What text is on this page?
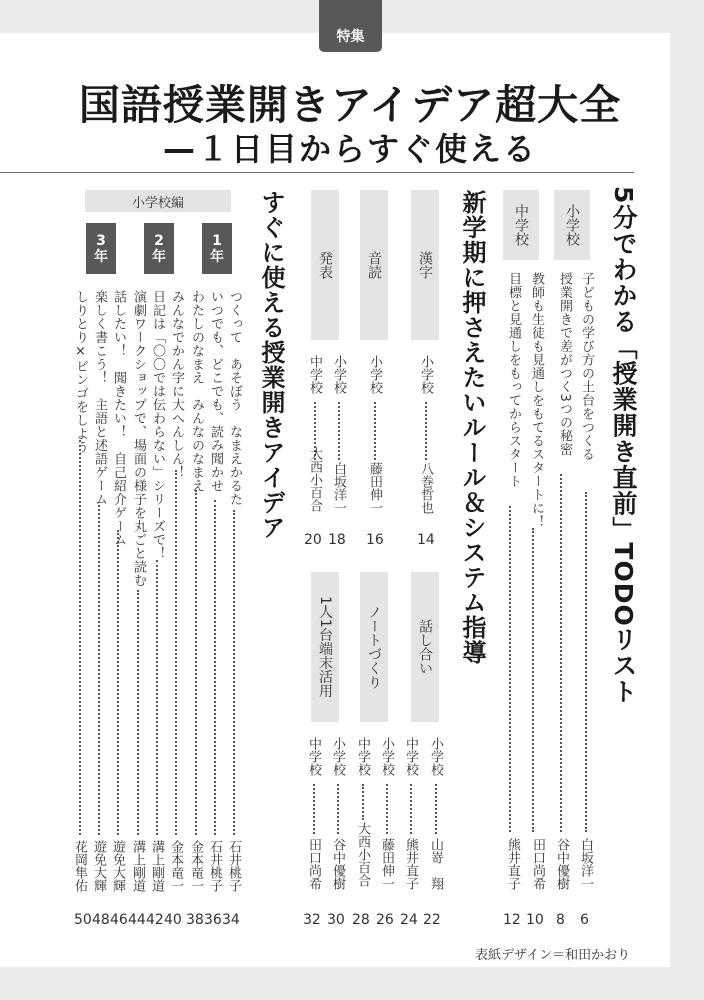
特集
国語授業開きアイデア超大全
—１日目からすぐ使える
5分でわかる「授業開き直前」TODOリスト
小学校
中学校
子どもの学び方の土台をつくる
授業開きで差がつく3つの秘密
教師も生徒も見通しをもてるスタートに！
目標と見通しをもってからスタート
白坂洋一
谷中優樹
田口尚希
熊井直子
6
8
10
12
新学期に押さえたいルール＆システム指導
漢字
音読
発表
話し合い
ノートづくり
1人1台端末活用
小学校
八巻哲也
14
小学校
藤田伸一
16
小学校
白坂洋一
18
中学校
大西小百合
20
小学校
山嵜　翔
22
中学校
熊井直子
24
小学校
藤田伸一
26
中学校
大西小百合
28
小学校
谷中優樹
30
中学校
田口尚希
32
すぐに使える授業開きアイデア
小学校編
1
年
2
年
3
年
つくって　あそぼう　なまえかるた
いつでも、どこでも、読み聞かせ
わたしのなまえ　みんなのなまえ
みんなでかん字に大へんしん！
日記は「〇〇では伝わらない」シリーズで！
演劇ワークショップで、場面の様子を丸ごと読む
話したい！　聞きたい！　自己紹介ゲーム
楽しく書こう！　主語と述語ゲーム
しりとり×ビンゴをしよう
石井桃子
石井桃子
金本竜一
金本竜一
溝上剛道
溝上剛道
遊免大輝
遊免大輝
花岡隼佑
34
36
38
40
42
44
46
48
50
表紙デザイン＝和田かおり
